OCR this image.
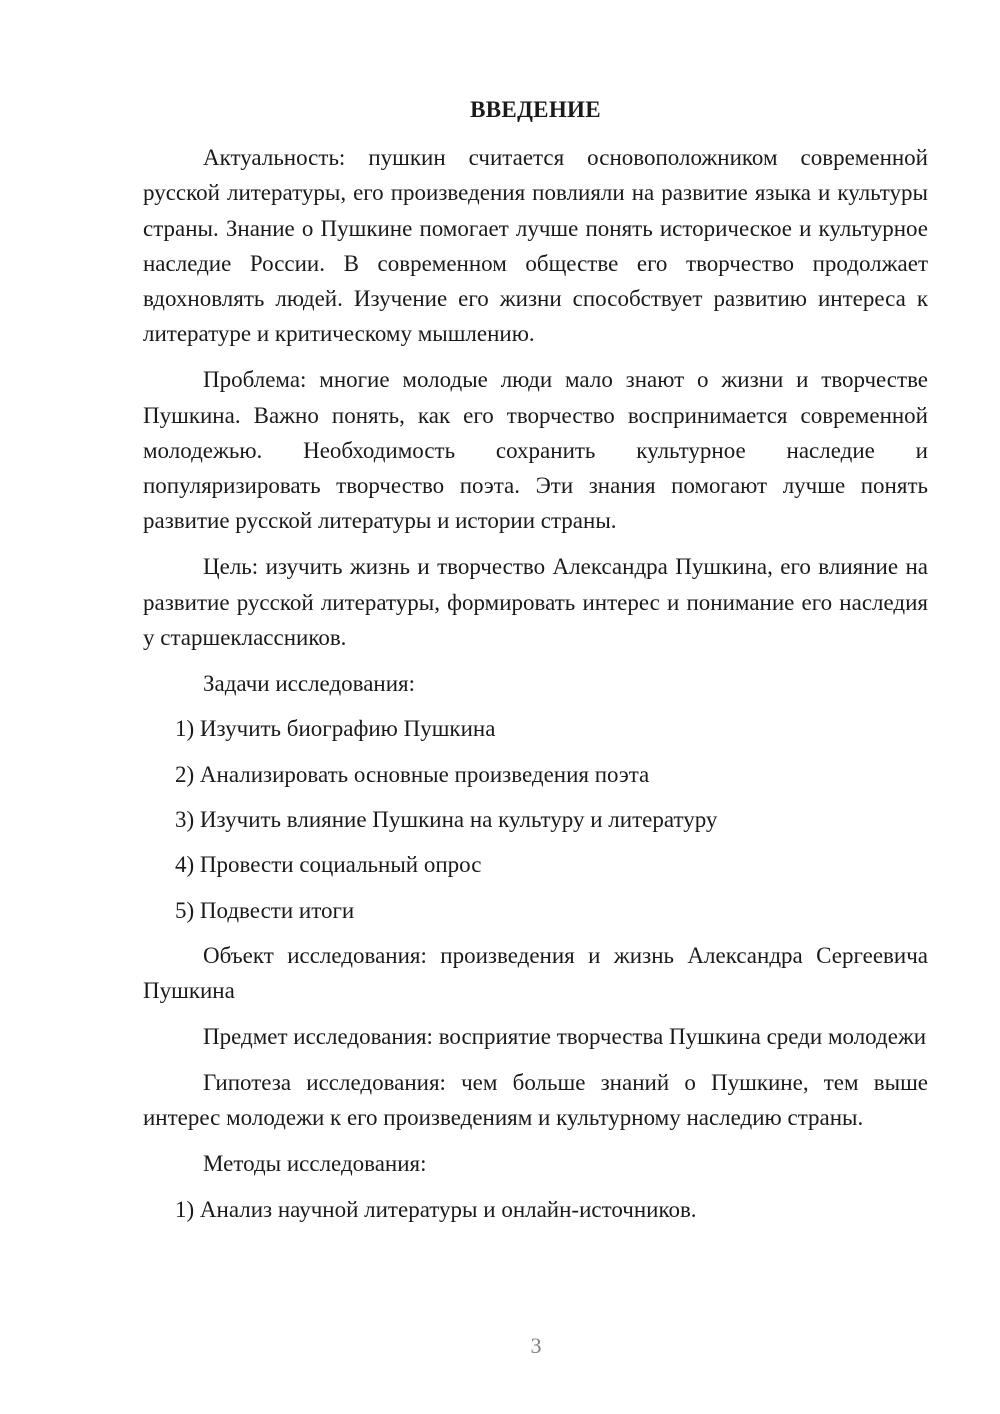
ВВЕДЕНИЕ

Актуальность: пушкин считается основоположником современной русской литературы, его произведения повлияли на развитие языка и культуры страны. Знание о Пушкине помогает лучше понять историческое и культурное наследие России. В современном обществе его творчество продолжает вдохновлять людей. Изучение его жизни способствует развитию интереса к литературе и критическому мышлению.

Проблема: многие молодые люди мало знают о жизни и творчестве Пушкина. Важно понять, как его творчество воспринимается современной молодежью. Необходимость сохранить культурное наследие и популяризировать творчество поэта. Эти знания помогают лучше понять развитие русской литературы и истории страны.

Цель: изучить жизнь и творчество Александра Пушкина, его влияние на развитие русской литературы, формировать интерес и понимание его наследия у старшеклассников.

Задачи исследования:

1) Изучить биографию Пушкина
2) Анализировать основные произведения поэта
3) Изучить влияние Пушкина на культуру и литературу
4) Провести социальный опрос
5) Подвести итоги

Объект исследования: произведения и жизнь Александра Сергеевича Пушкина

Предмет исследования: восприятие творчества Пушкина среди молодежи

Гипотеза исследования: чем больше знаний о Пушкине, тем выше интерес молодежи к его произведениям и культурному наследию страны.

Методы исследования:

1) Анализ научной литературы и онлайн-источников.
3
